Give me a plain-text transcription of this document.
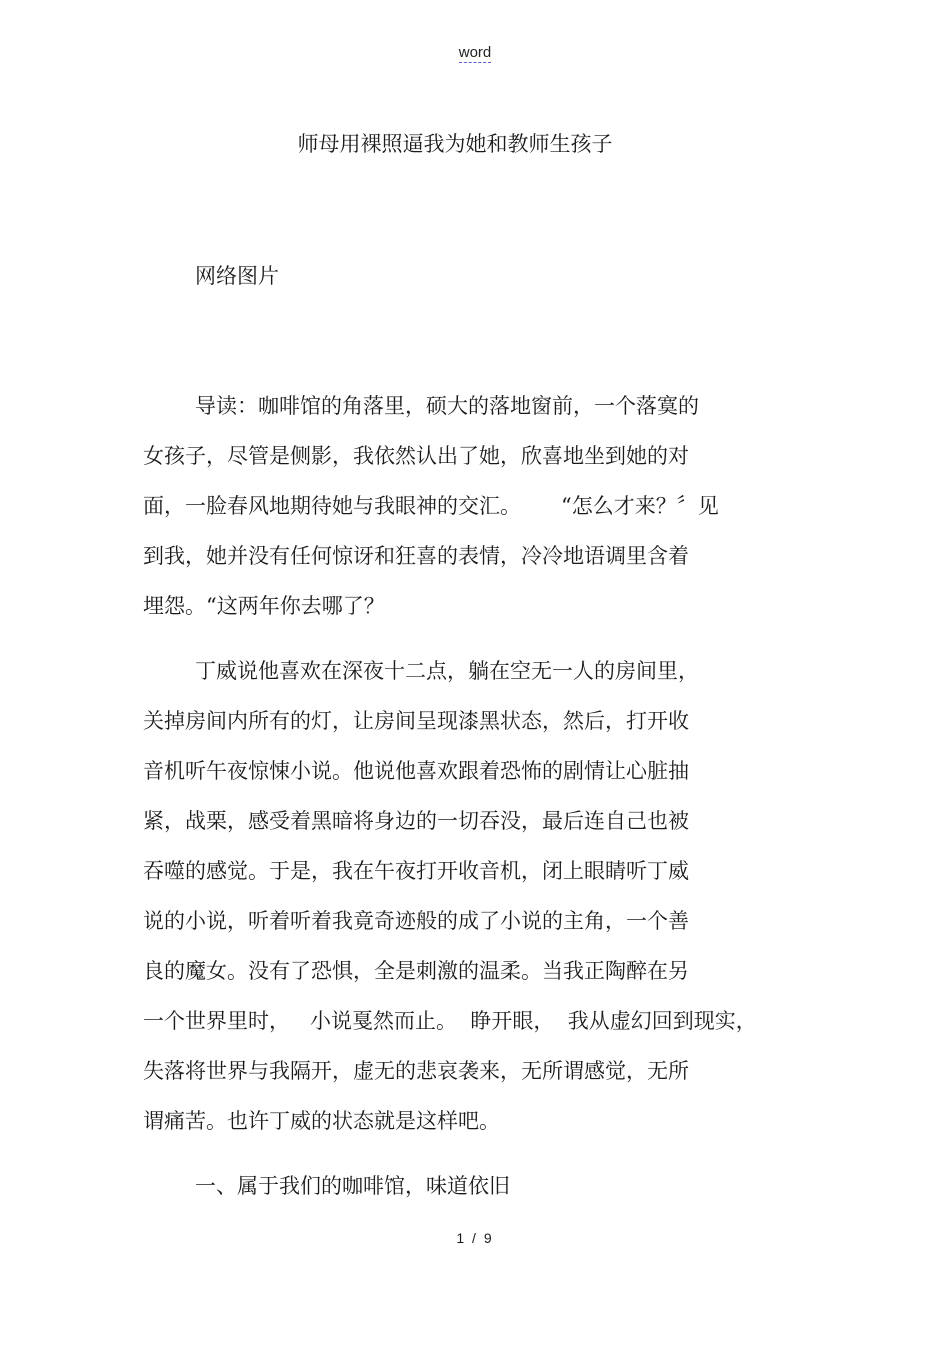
word
师母用裸照逼我为她和教师生孩子
网络图片
导读：咖啡馆的角落里，硕大的落地窗前，一个落寞的
女孩子，尽管是侧影，我依然认出了她，欣喜地坐到她的对
面，一脸春风地期待她与我眼神的交汇。      “怎么才来？〞见
到我，她并没有任何惊讶和狂喜的表情，冷冷地语调里含着
埋怨。“这两年你去哪了？
丁威说他喜欢在深夜十二点，躺在空无一人的房间里，
关掉房间内所有的灯，让房间呈现漆黑状态，然后，打开收
音机听午夜惊悚小说。他说他喜欢跟着恐怖的剧情让心脏抽
紧，战栗，感受着黑暗将身边的一切吞没，最后连自己也被
吞噬的感觉。于是，我在午夜打开收音机，闭上眼睛听丁威
说的小说，听着听着我竟奇迹般的成了小说的主角，一个善
良的魔女。没有了恐惧，全是刺激的温柔。当我正陶醉在另
一个世界里时，   小说戛然而止。  睁开眼，  我从虚幻回到现实，
失落将世界与我隔开，虚无的悲哀袭来，无所谓感觉，无所
谓痛苦。也许丁威的状态就是这样吧。
一、属于我们的咖啡馆，味道依旧
1 / 9
